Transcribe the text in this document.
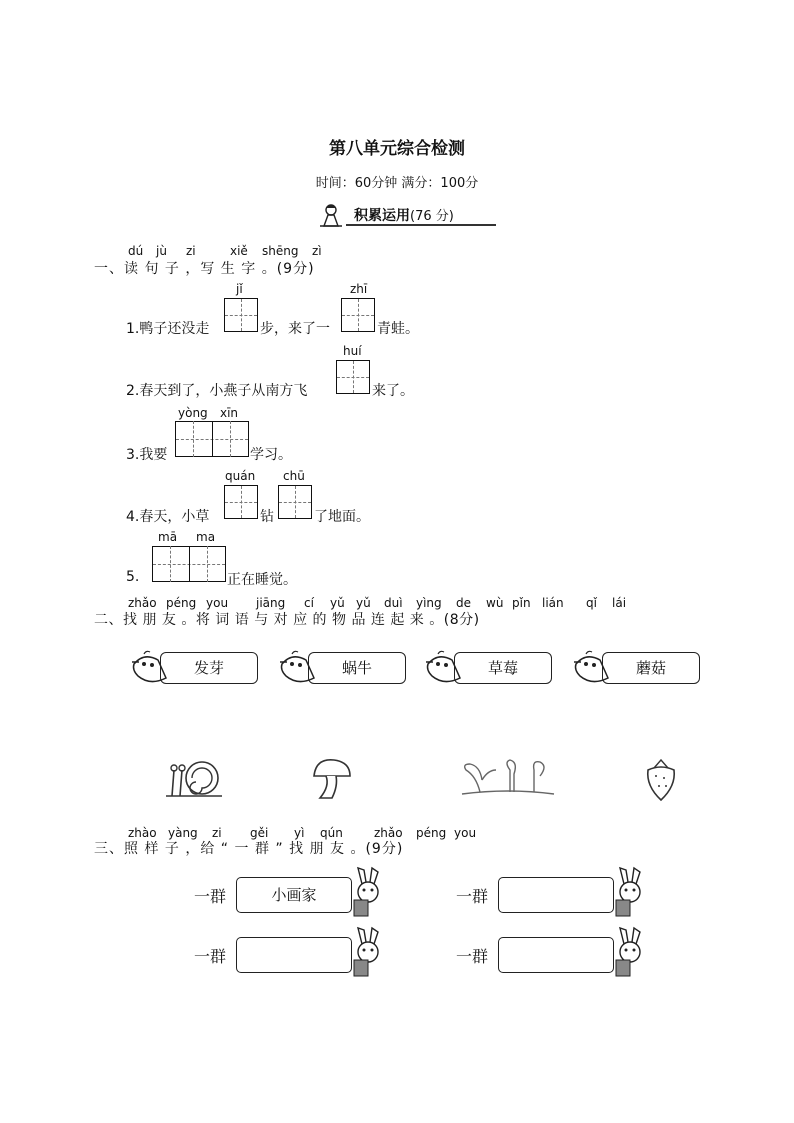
第八单元综合检测
时间：60分钟 满分：100分
积累运用(76 分)
dú jù zi	xiě shēng zì
一、读 句 子 ，写 生 字 。(9分)
1.鸭子还没走
jǐ
步，来了一
zhī
青蛙。
2.春天到了，小燕子从南方飞
huí
来了。
3.我要
yòng xīn
学习。
4.春天，小草
quán
钻
chū
了地面。
5.
mā ma
正在睡觉。
zhǎo péng you jiāng cí yǔ yǔ duì yìng de wù pǐn lián qǐ lái
二、找 朋 友 。将 词 语 与 对 应 的 物 品 连 起 来 。(8分)
发芽	蜗牛	草莓	蘑菇
zhào yàng zi gěi yì qún	zhǎo péng you
三、照 样 子 ，给 “ 一 群 ” 找 朋 友 。(9分)
一群	小画家	一群
一群	一群
